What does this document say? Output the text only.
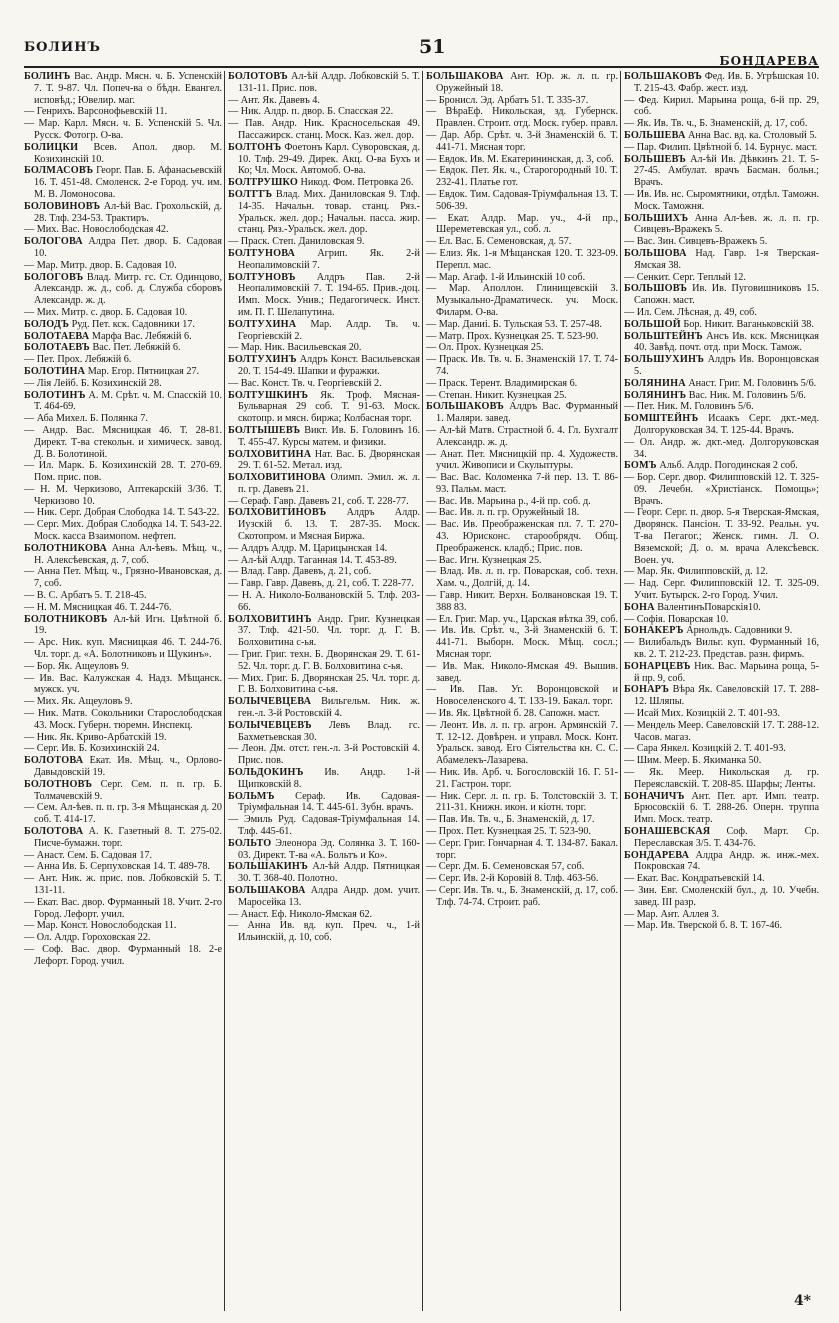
БОЛИНЪ	51
БОНДАРЕВА

БОЛИНЪ Вас. Андр. Мясн. ч. Б. Успенскій 7. Т. 9-87. Чл. Попеч-ва о бѣдн. Евангел. исповѣд.; Ювелир. маг.

— Генрихъ. Варсонофьевскій 11.

— Мар. Карл. Мясн. ч. Б. Успенскій 5. Чл. Русск. Фотогр. О-ва.

БОЛИЦКИ Всев. Апол. двор. М. Козихинскій 10.

БОЛМАСОВЪ Георг. Пав. Б. Афанасьевскій 16. Т. 451-48. Смоленск. 2-е Город. уч. им. М. В. Ломоносова.

БОЛОВИНОВЪ Ал-ѣй Вас. Грохольскій, д. 28. Тлф. 234-53. Трактиръ.

— Мих. Вас. Новослободская 42.

БОЛОГОВА Алдра Пет. двор. Б. Садовая 10.

— Мар. Митр. двор. Б. Садовая 10.

БОЛОГОВЪ Влад. Митр. гс. Ст. Одинцово, Александр. ж. д., соб. д. Служба сборовъ Александр. ж. д.

— Мих. Митр. с. двор. Б. Садовая 10.

БОЛОДЪ Руд. Пет. кск. Садовники 17.

БОЛОТАЕВА Марфа Вас. Лебяжій 6.

БОЛОТАЕВЪ Вас. Пет. Лебяжій 6.

— Пет. Прох. Лебяжій 6.

БОЛОТИНА Мар. Егор. Пятницкая 27.

— Лія Лейб. Б. Козихинскій 28.

БОЛОТИНЪ А. М. Срѣт. ч. М. Спасскій 10. Т. 464-69.

— Аба Михел. Б. Полянка 7.

— Андр. Вас. Мясницкая 46. Т. 28-81. Директ. Т-ва стекольн. и химическ. завод. Д. В. Болотиной.

— Ил. Марк. Б. Козихинскій 28. Т. 270-69. Пом. прис. пов.

— Н. М. Черкизово, Аптекарскій 3/36. Т. Черкизово 10.

— Ник. Серг. Добрая Слободка 14. Т. 543-22.

— Серг. Мих. Добрая Слободка 14. Т. 543-22. Моск. касса Взаимопом. нефтеп.

БОЛОТНИКОВА Анна Ал-ѣевъ. Мѣщ. ч., Н. Алексѣевская, д. 7, соб.

— Анна Пет. Мѣщ. ч., Грязно-Ивановская, д. 7, соб.

— В. С. Арбатъ 5. Т. 218-45.

— Н. М. Мясницкая 46. Т. 244-76.

БОЛОТНИКОВЪ Ал-ѣй Игн. Цвѣтной б. 19.

— Арс. Ник. куп. Мясницкая 46. Т. 244-76. Чл. торг. д. «А. Болотниковъ и Щукинъ».

— Бор. Як. Ащеуловъ 9.

— Ив. Вас. Калужская 4. Надз. Мѣщанск. мужск. уч.

— Мих. Як. Ащеуловъ 9.

— Ник. Матв. Сокольники Старослободская 43. Моск. Губерн. тюремн. Инспекц.

— Ник. Як. Криво-Арбатскій 19.

— Серг. Ив. Б. Козихинскій 24.

БОЛОТОВА Екат. Ив. Мѣщ. ч., Орлово-Давыдовскій 19.

БОЛОТНОВЪ Серг. Сем. п. п. гр. Б. Толмачевскій 9.

— Сем. Ал-ѣев. п. п. гр. 3-я Мѣщанская д. 20 соб. Т. 414-17.

БОЛОТОВА А. К. Газетный 8. Т. 275-02. Писче-бумажн. торг.

— Анаст. Сем. Б. Садовая 17.

— Анна Ив. Б. Серпуховская 14. Т. 489-78.

— Ант. Ник. ж. прис. пов. Лобковскій 5. Т. 131-11.

— Екат. Вас. двор. Фурманный 18. Учит. 2-го Город. Лефорт. учил.

— Мар. Конст. Новослободская 11.

— Ол. Алдр. Гороховская 22.

— Соф. Вас. двор. Фурманный 18. 2-е Лефорт. Город. учил.

БОЛОТОВЪ Ал-ѣй Алдр. Лобковскій 5. Т. 131-11. Прис. пов.

— Ант. Як. Давевъ 4.

— Ник. Алдр. п. двор. Б. Спасская 22.

— Пав. Андр. Ник. Красносельская 49. Пассажирск. станц. Моск. Каз. жел. дор.

БОЛТОНЪ Фоетонъ Карл. Суворовская, д. 10. Тлф. 29-49. Дирек. Акц. О-ва Бухъ и Ко; Чл. Моск. Автомоб. О-ва.

БОЛТРУШКО Никод. Фом. Петровка 26.

БОЛТТЪ Влад. Мих. Даниловская 9. Тлф. 14-35. Начальн. товар. станц. Ряз.-Уральск. жел. дор.; Начальн. пасса. жир. станц. Ряз.-Уральск. жел. дор.

— Праск. Степ. Даниловская 9.

БОЛТУНОВА Агрип. Як. 2-й Неопалимовскій 7.

БОЛТУНОВЪ Алдръ Пав. 2-й Неопалимовскій 7. Т. 194-65. Прив.-доц. Имп. Моск. Унив.; Педагогическ. Инст. им. П. Г. Шелапутина.

БОЛТУХИНА Мар. Алдр. Тв. ч. Георгіевскій 2.

— Мар. Ник. Васильевская 20.

БОЛТУХИНЪ Алдръ Конст. Васильевская 20. Т. 154-49. Шапки и фуражки.

— Вас. Конст. Тв. ч. Георгіевскій 2.

БОЛТУШКИНЪ Як. Троф. Мясная-Бульварная 29 соб. Т. 91-63. Моск. скотопр. и мясн. биржа; Колбасная торг.

БОЛТЫШЕВЪ Викт. Ив. Б. Головинъ 16. Т. 455-47. Курсы матем. и физики.

БОЛХОВИТИНА Нат. Вас. Б. Дворянская 29. Т. 61-52. Метал. изд.

БОЛХОВИТИНОВА Олимп. Эмил. ж. л. п. гр. Давевъ 21.

— Сераф. Гавр. Давевъ 21, соб. Т. 228-77.

БОЛХОВИТИНОВЪ Алдръ Алдр. Иузскій б. 13. Т. 287-35. Моск. Скотопром. и Мясная Биржа.

— Алдръ Алдр. М. Царицынская 14.

— Ал-ѣй Алдр. Таганная 14. Т. 453-89.

— Влад. Гавр. Давевъ, д. 21, соб.

— Гавр. Гавр. Давевъ, д. 21, соб. Т. 228-77.

— Н. А. Николо-Болвановскій 5. Тлф. 203-66.

БОЛХОВИТИНЪ Андр. Григ. Кузнецкая 37. Тлф. 421-50. Чл. торг. д. Г. В. Болховитина с-ья.

— Григ. Григ. техн. Б. Дворянская 29. Т. 61-52. Чл. торг. д. Г. В. Болховитина с-ья.

— Мих. Григ. Б. Дворянская 25. Чл. торг. д. Г. В. Болховитина с-ья.

БОЛЫЧЕВЦЕВА Вильгельм. Ник. ж. ген.-л. 3-й Ростовскій 4.

БОЛЫЧЕВЦЕВЪ Левъ Влад. гс. Бахметьевская 30.

— Леон. Дм. отст. ген.-л. 3-й Ростовскій 4. Прис. пов.

БОЛЬДОКИНЪ Ив. Андр. 1-й Щипковскій 8.

БОЛЬМЪ Сераф. Ив. Садовая-Тріумфальная 14. Т. 445-61. Зубн. врачъ.

— Эмиль Руд. Садовая-Тріумфальная 14. Тлф. 445-61.

БОЛЬТО Элеонора Эд. Солянка 3. Т. 160-03. Директ. Т-ва «А. Больтъ и Ко».

БОЛЬШАКИНЪ Ал-ѣй Алдр. Пятницкая 30. Т. 368-40. Полотно.

БОЛЬШАКОВА Алдра Андр. дом. учит. Маросейка 13.

— Анаст. Еф. Николо-Ямская 62.

— Анна Ив. вд. куп. Преч. ч., 1-й Ильинскій, д. 10, соб.

БОЛЬШАКОВА Ант. Юр. ж. л. п. гр. Оружейный 18.

— Бронисл. Эд. Арбатъ 51. Т. 335-37.

— ВѣраЕф. Никольская, зд. Губернск. Правлен. Строит. отд. Моск. губер. правл.

— Дар. Абр. Срѣт. ч. 3-й Знаменскій 6. Т. 441-71. Мясная торг.

— Евдок. Ив. М. Екатерининская, д. 3, соб.

— Евдок. Пет. Як. ч., Старогородный 10. Т. 232-41. Платье гот.

— Евдок. Тим. Садовая-Тріумфальная 13. Т. 506-39.

— Екат. Алдр. Мар. уч., 4-й пр., Шереметевская ул., соб. л.

— Ел. Вас. Б. Семеновская, д. 57.

— Елиз. Як. 1-я Мѣщанская 120. Т. 323-09. Перепл. мас.

— Мар. Агаф. 1-й Ильинскій 10 соб.

— Мар. Аполлон. Глинищевскій 3. Музыкально-Драматическ. уч. Моск. Филарм. О-ва.

— Мар. Даниі. Б. Тульская 53. Т. 257-48.

— Матр. Прох. Кузнецкая 25. Т. 523-90.

— Ол. Прох. Кузнецкая 25.

— Праск. Ив. Тв. ч. Б. Знаменскій 17. Т. 74-74.

— Праск. Терент. Владимирская 6.

— Степан. Никит. Кузнецкая 25.

БОЛЬШАКОВЪ Алдръ Вас. Фурманный 1. Маляри. завед.

— Ал-ѣй Матв. Страстной б. 4. Гл. Бухгалт Александр. ж. д.

— Анат. Пет. Мясницкій пр. 4. Художеств. учил. Живописи и Скульптуры.

— Вас. Вас. Коломенка 7-й пер. 13. Т. 86-93. Пальм. маст.

— Вас. Ив. Марьина р., 4-й пр. соб. д.

— Вас. Ив. л. п. гр. Оружейный 18.

— Вас. Ив. Преображенская пл. 7. Т. 270-43. Юрисконс. старообрядч. Общ. Преображенск. кладб.; Прис. пов.

— Вас. Игн. Кузнецкая 25.

— Влад. Ив. л. п. гр. Поварская, соб. техн. Хам. ч., Долгій, д. 14.

— Гавр. Никит. Верхн. Болвановская 19. Т. 388 83.

— Ел. Григ. Мар. уч., Царская вѣтка 39, соб.

— Ив. Ив. Срѣт. ч., 3-й Знаменскій 6. Т. 441-71. Выборн. Моск. Мѣщ. сосл.; Мясная торг.

— Ив. Мак. Николо-Ямская 49. Вышив. завед.

— Ив. Пав. Уг. Воронцовской и Новоселенского 4. Т. 133-19. Бакал. торг.

— Ив. Як. Цвѣтной б. 28. Сапожн. маст.

— Леонт. Ив. л. п. гр. агрон. Армянскій 7. Т. 12-12. Довѣрен. и управл. Моск. Конт. Уральск. завод. Его Сіятельства кн. С. С. Абамелекъ-Лазарева.

— Ник. Ив. Арб. ч. Богословскій 16. Г. 51-21. Гастрон. торг.

— Ник. Серг. л. п. гр. Б. Толстовскій 3. Т. 211-31. Книжн. икон. и кіотн. торг.

— Пав. Ив. Тв. ч., Б. Знаменскій, д. 17.

— Прох. Пет. Кузнецкая 25. Т. 523-90.

— Серг. Григ. Гончарная 4. Т. 134-87. Бакал. торг.

— Серг. Дм. Б. Семеновская 57, соб.

— Серг. Ив. 2-й Коровій 8. Тлф. 463-56.

— Серг. Ив. Тв. ч., Б. Знаменскій, д. 17, соб. Тлф. 74-74. Строит. раб.

БОЛЬШАКОВЪ Фед. Ив. Б. Угрѣшская 10. Т. 215-43. Фабр. жест. изд.

— Фед. Кирил. Марьина роща, 6-й пр. 29, соб.

— Як. Ив. Тв. ч., Б. Знаменскій, д. 17, соб.

БОЛЬШЕВА Анна Вас. вд. ка. Столовый 5.

— Пар. Филип. Цвѣтной б. 14. Бурнус. маст.

БОЛЬШЕВЪ Ал-ѣй Ив. Дѣвкинъ 21. Т. 5-27-45. Амбулат. врачъ Басман. больн.; Врачъ.

— Ив. Ив. нс. Сыромятники, отдѣл. Таможн. Моск. Таможня.

БОЛЬШИХЪ Анна Ал-ѣев. ж. л. п. гр. Сивцевъ-Вражекъ 5.

— Вас. Зин. Сивцевъ-Вражекъ 5.

БОЛЬШОВА Над. Гавр. 1-я Тверская-Ямская 38.

— Сенкит. Серг. Теплый 12.

БОЛЬШОВЪ Ив. Ив. Пуговишниковъ 15. Сапожн. маст.

— Ил. Сем. Лѣсная, д. 49, соб.

БОЛЬШОЙ Бор. Никит. Ваганьковскій 38.

БОЛЬШТЕЙНЪ Ансъ Ив. кск. Мясницкая 40. Завѣд. почт. отд. при Моск. Тамож.

БОЛЬШУХИНЪ Алдръ Ив. Воронцовская 5.

БОЛЯНИНА Анаст. Григ. М. Головинъ 5/6.

БОЛЯНИНЪ Вас. Ник. М. Головинъ 5/6.

— Пет. Ник. М. Головинъ 5/6.

БОМШТЕЙНЪ Исаакъ Серг. дкт.-мед. Долгоруковская 34. Т. 125-44. Врачъ.

— Ол. Андр. ж. дкт.-мед. Долгоруковская 34.

БОМЪ Альб. Алдр. Погодинская 2 соб.

— Бор. Серг. двор. Филипповскій 12. Т. 325-09. Лечебн. «Христіанск. Помощь»; Врачъ.

— Георг. Серг. п. двор. 5-я Тверская-Ямская, Дворянск. Пансіон. Т. 33-92. Реальн. уч. Т-ва Пегагог.; Женск. гимн. Л. О. Вяземской; Д. о. м. врача Алексѣевск. Воен. уч.

— Мар. Як. Филипповскій, д. 12.

— Над. Серг. Филипповскій 12. Т. 325-09. Учит. Бутырск. 2-го Город. Учил.

БОНА ВалентинъПоварскія10.

— Софія. Поварская 10.

БОНАКЕРЪ Арнольдъ. Садовники 9.

— Вилибальдъ Вильг. куп. Фурманный 16, кв. 2. Т. 212-23. Представ. разн. фирмъ.

БОНАРЦЕВЪ Ник. Вас. Марьина роща, 5-й пр. 9, соб.

БОНАРЪ Вѣра Як. Савеловскій 17. Т. 288-12. Шляпы.

— Исай Мих. Козицкій 2. Т. 401-93.

— Мендель Меер. Савеловскій 17. Т. 288-12. Часов. магаз.

— Сара Янкел. Козицкій 2. Т. 401-93.

— Шим. Меер. Б. Якиманка 50.

— Як. Меер. Никольская д. гр. Переяславскій. Т. 208-85. Шарфы; Ленты.

БОНАЧИЧЪ Ант. Пет. арт. Имп. театр. Брюсовскій 6. Т. 288-26. Оперн. труппа Имп. Моск. театр.

БОНАШЕВСКАЯ Соф. Март. Ср. Переславская 3/5. Т. 434-76.

БОНДАРЕВА Алдра Андр. ж. инж.-мех. Покровская 74.

— Екат. Вас. Кондратьевскій 14.

— Зин. Евг. Смоленскій бул., д. 10. Учебн. завед. III разр.

— Мар. Ант. Аллея 3.

— Мар. Ив. Тверской б. 8. Т. 167-46.

4*
